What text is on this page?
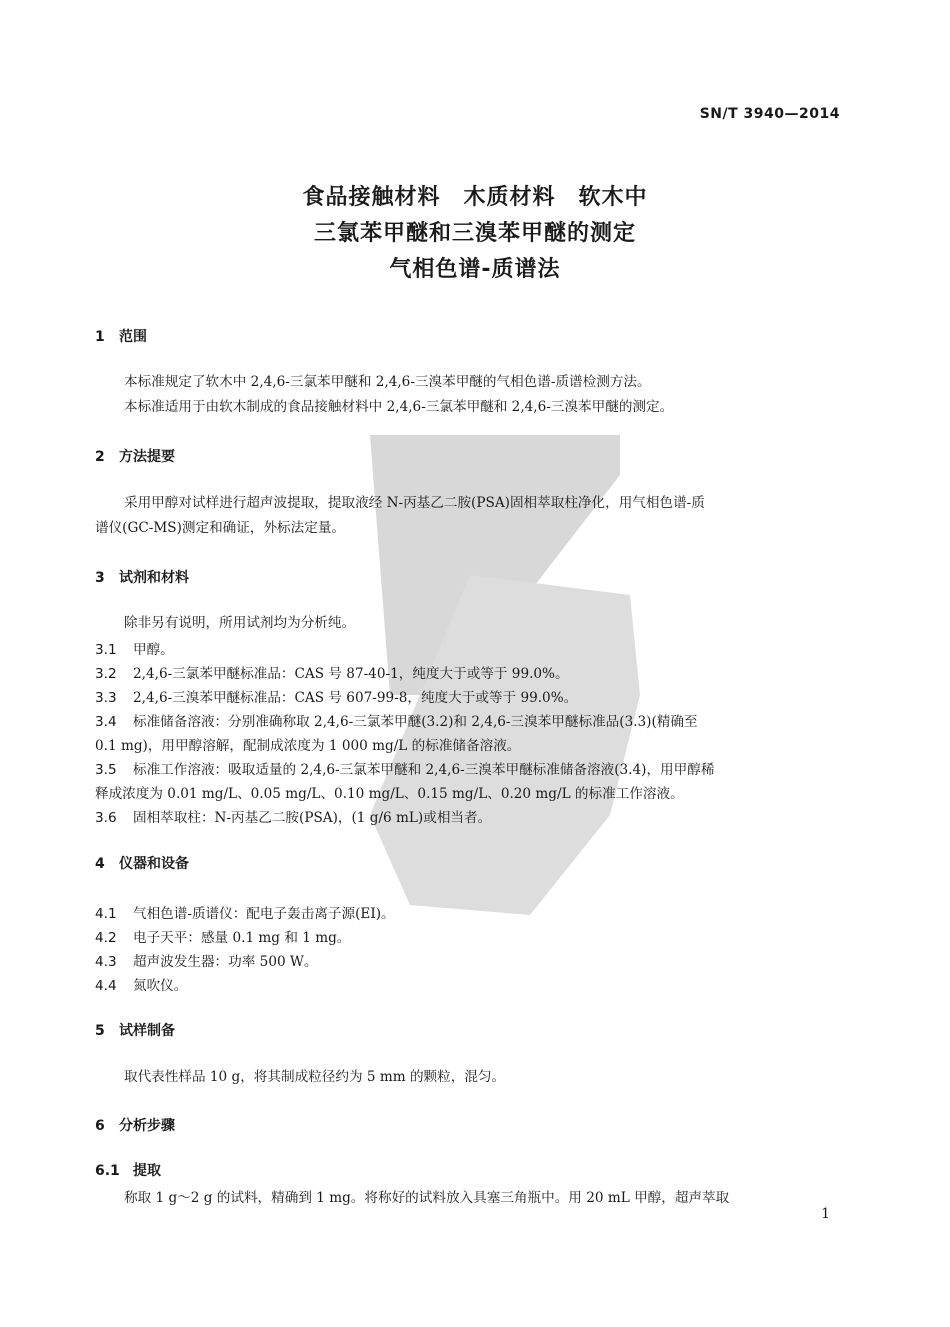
SN/T 3940—2014
食品接触材料　木质材料　软木中
三氯苯甲醚和三溴苯甲醚的测定
气相色谱-质谱法
1 范围
本标准规定了软木中 2,4,6-三氯苯甲醚和 2,4,6-三溴苯甲醚的气相色谱-质谱检测方法。
本标准适用于由软木制成的食品接触材料中 2,4,6-三氯苯甲醚和 2,4,6-三溴苯甲醚的测定。
2 方法提要
采用甲醇对试样进行超声波提取，提取液经 N-丙基乙二胺(PSA)固相萃取柱净化，用气相色谱-质
谱仪(GC-MS)测定和确证，外标法定量。
3 试剂和材料
除非另有说明，所用试剂均为分析纯。
3.1 甲醇。
3.2 2,4,6-三氯苯甲醚标准品：CAS 号 87-40-1，纯度大于或等于 99.0%。
3.3 2,4,6-三溴苯甲醚标准品：CAS 号 607-99-8，纯度大于或等于 99.0%。
3.4 标准储备溶液：分别准确称取 2,4,6-三氯苯甲醚(3.2)和 2,4,6-三溴苯甲醚标准品(3.3)(精确至
0.1 mg)，用甲醇溶解，配制成浓度为 1 000 mg/L 的标准储备溶液。
3.5 标准工作溶液：吸取适量的 2,4,6-三氯苯甲醚和 2,4,6-三溴苯甲醚标准储备溶液(3.4)，用甲醇稀
释成浓度为 0.01 mg/L、0.05 mg/L、0.10 mg/L、0.15 mg/L、0.20 mg/L 的标准工作溶液。
3.6 固相萃取柱：N-丙基乙二胺(PSA)，(1 g/6 mL)或相当者。
4 仪器和设备
4.1 气相色谱-质谱仪：配电子轰击离子源(EI)。
4.2 电子天平：感量 0.1 mg 和 1 mg。
4.3 超声波发生器：功率 500 W。
4.4 氮吹仪。
5 试样制备
取代表性样品 10 g，将其制成粒径约为 5 mm 的颗粒，混匀。
6 分析步骤
6.1 提取
称取 1 g～2 g 的试料，精确到 1 mg。将称好的试料放入具塞三角瓶中。用 20 mL 甲醇，超声萃取
1
